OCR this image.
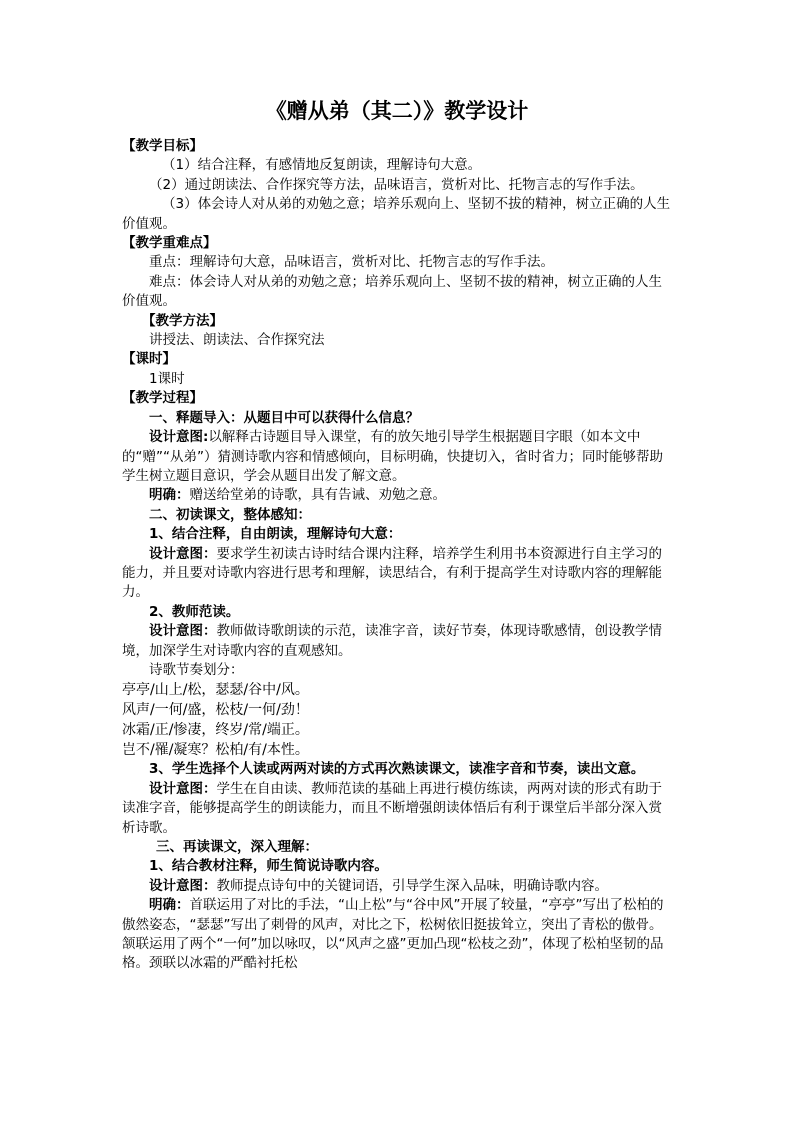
《赠从弟（其二）》教学设计

【教学目标】

（1）结合注释，有感情地反复朗读，理解诗句大意。

（2）通过朗读法、合作探究等方法，品味语言，赏析对比、托物言志的写作手法。

（3）体会诗人对从弟的劝勉之意；培养乐观向上、坚韧不拔的精神，树立正确的人生价值观。

【教学重难点】

重点：理解诗句大意，品味语言，赏析对比、托物言志的写作手法。

难点：体会诗人对从弟的劝勉之意；培养乐观向上、坚韧不拔的精神，树立正确的人生价值观。

【教学方法】

讲授法、朗读法、合作探究法

【课时】

1课时

【教学过程】

一、释题导入：从题目中可以获得什么信息？

设计意图:以解释古诗题目导入课堂，有的放矢地引导学生根据题目字眼（如本文中的“赠”“从弟”）猜测诗歌内容和情感倾向，目标明确，快捷切入，省时省力；同时能够帮助学生树立题目意识，学会从题目出发了解文意。

明确：赠送给堂弟的诗歌，具有告诫、劝勉之意。

二、初读课文，整体感知：

1、结合注释，自由朗读，理解诗句大意：

设计意图：要求学生初读古诗时结合课内注释，培养学生利用书本资源进行自主学习的能力，并且要对诗歌内容进行思考和理解，读思结合，有利于提高学生对诗歌内容的理解能力。

2、教师范读。

设计意图：教师做诗歌朗读的示范，读准字音，读好节奏，体现诗歌感情，创设教学情境，加深学生对诗歌内容的直观感知。

诗歌节奏划分：

亭亭/山上/松，瑟瑟/谷中/风。

风声/一何/盛，松枝/一何/劲！

冰霜/正/惨凄，终岁/常/端正。

岂不/罹/凝寒？松柏/有/本性。

3、学生选择个人读或两两对读的方式再次熟读课文，读准字音和节奏，读出文意。

设计意图：学生在自由读、教师范读的基础上再进行模仿练读，两两对读的形式有助于读准字音，能够提高学生的朗读能力，而且不断增强朗读体悟后有利于课堂后半部分深入赏析诗歌。

三、再读课文，深入理解：

1、结合教材注释，师生简说诗歌内容。

设计意图：教师提点诗句中的关键词语，引导学生深入品味，明确诗歌内容。

明确：首联运用了对比的手法，“山上松”与“谷中风”开展了较量，“亭亭”写出了松柏的傲然姿态，“瑟瑟”写出了刺骨的风声，对比之下，松树依旧挺拔耸立，突出了青松的傲骨。颔联运用了两个“一何”加以咏叹，以“风声之盛”更加凸现“松枝之劲”，体现了松柏坚韧的品格。颈联以冰霜的严酷衬托松
